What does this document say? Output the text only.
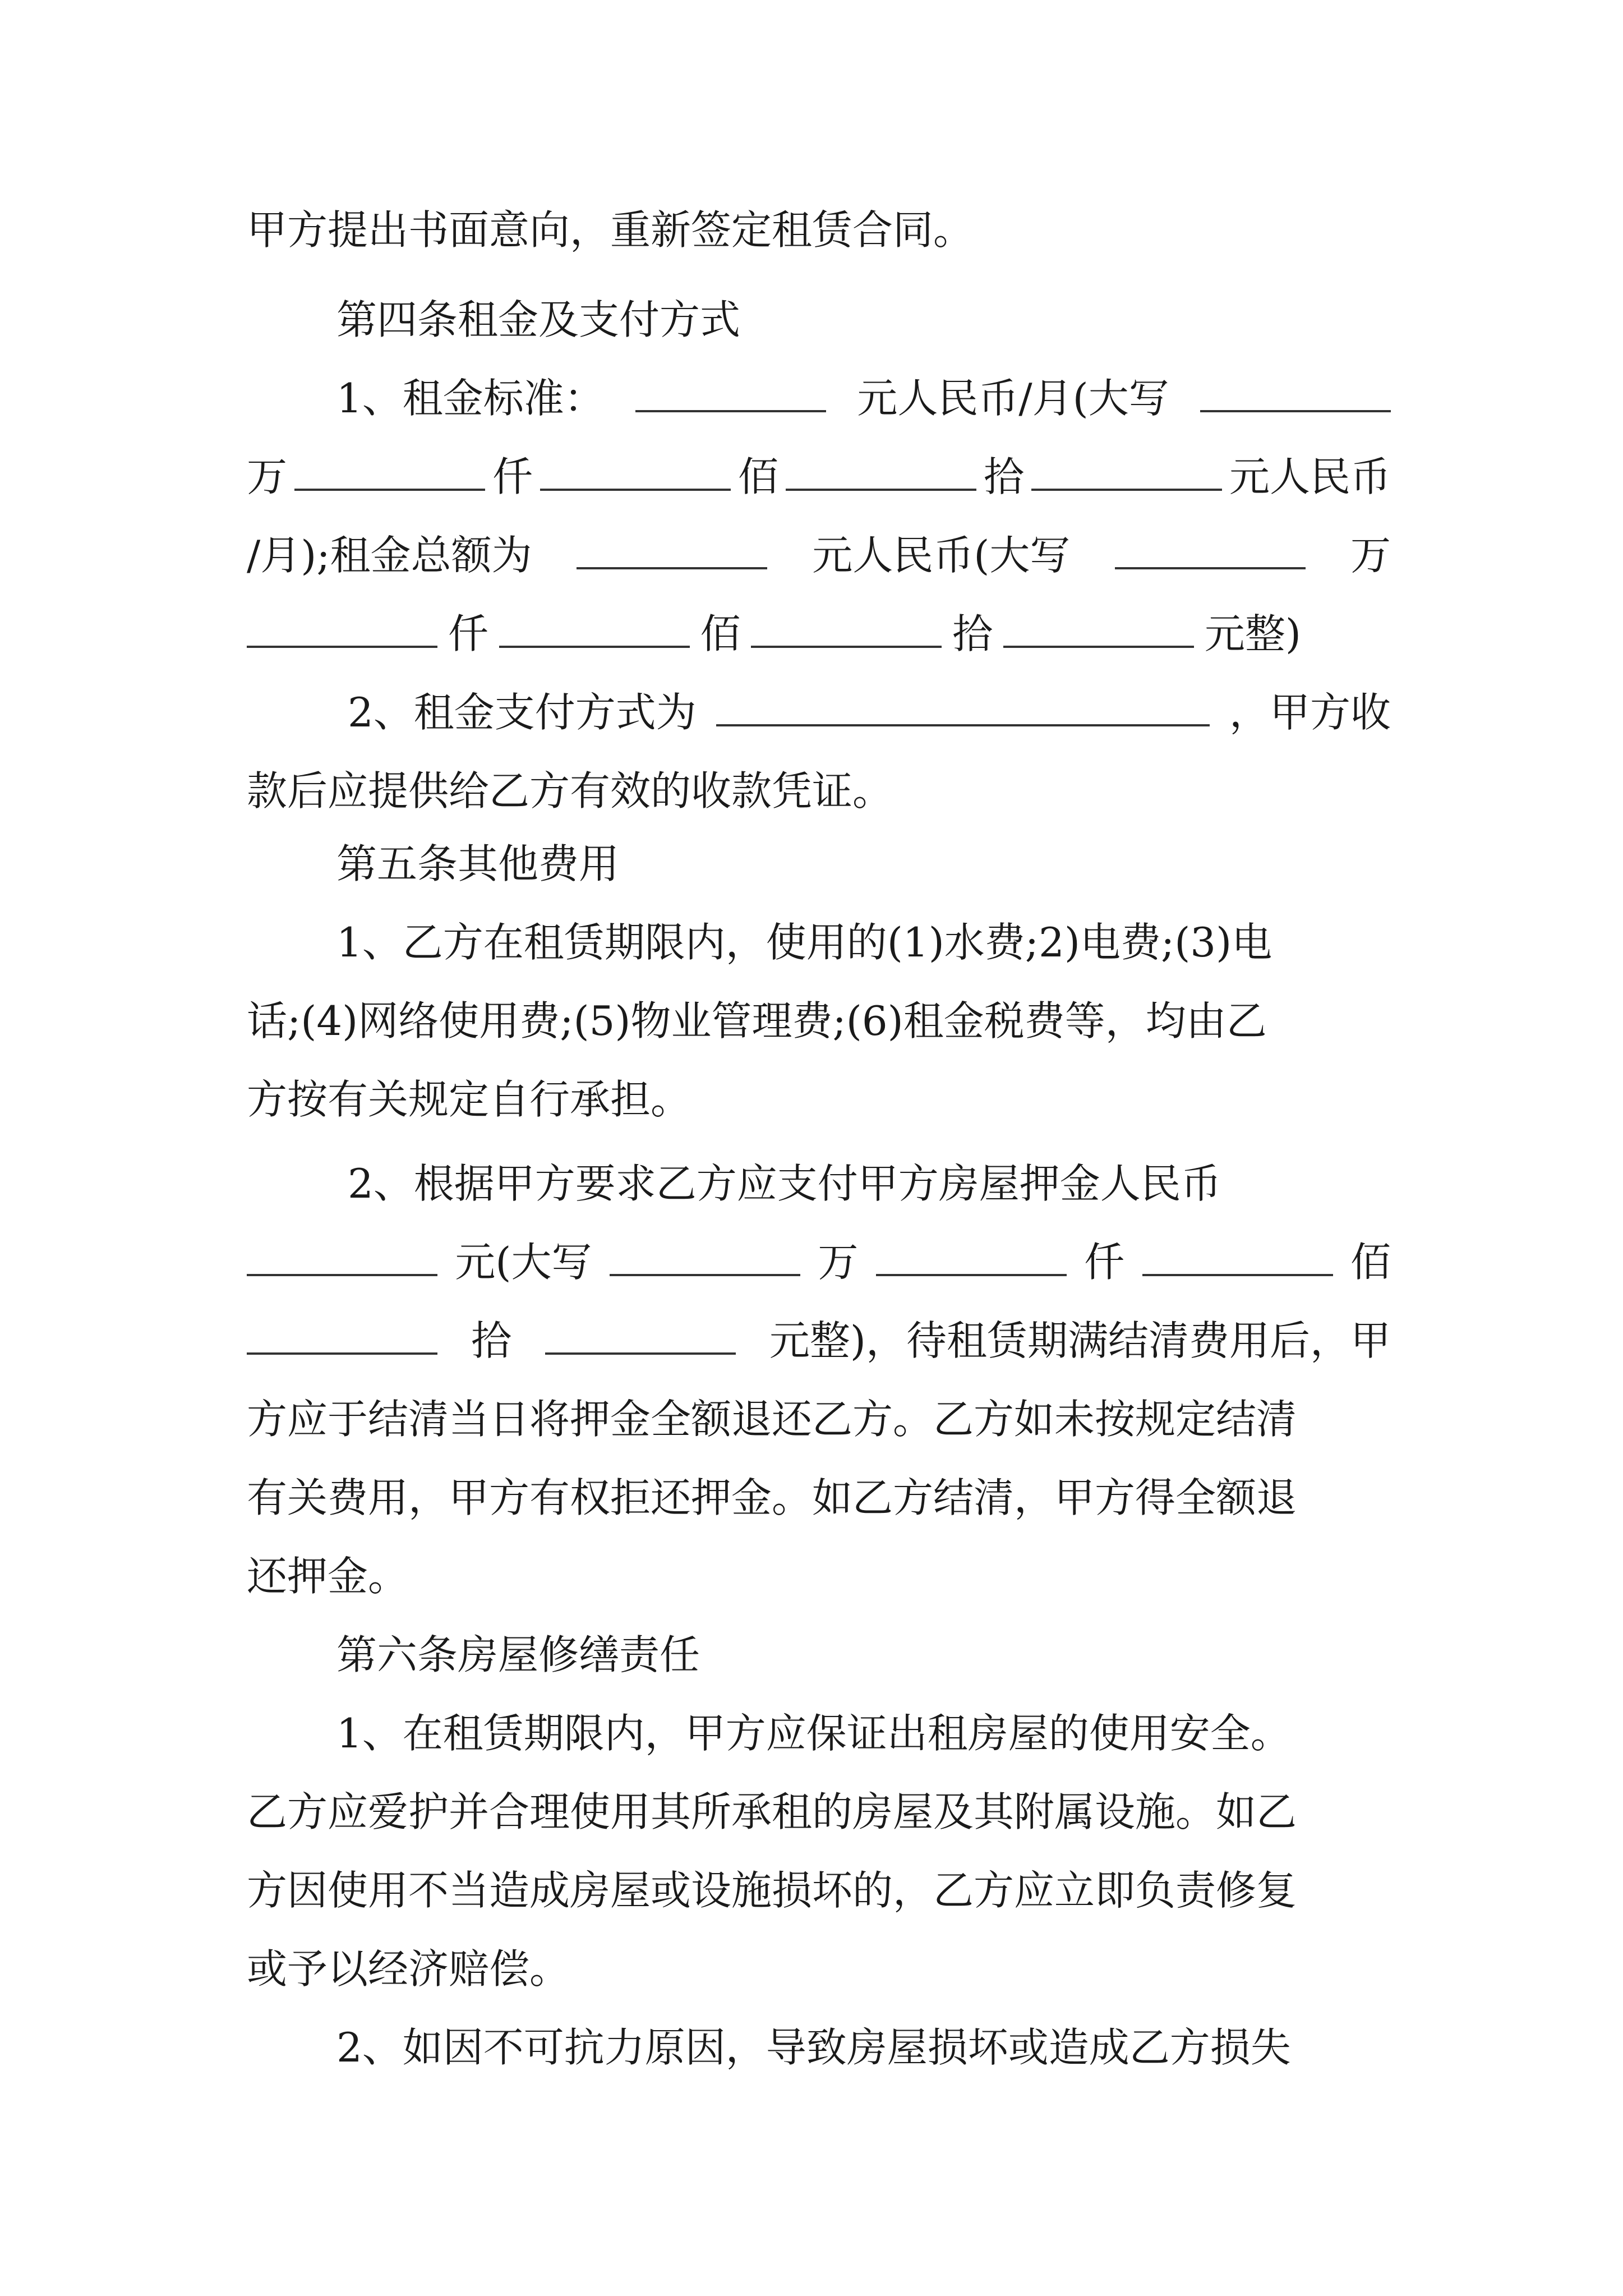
甲方提出书面意向，重新签定租赁合同。
第四条租金及支付方式
1、租金标准：	元人民币/月(大写
万	仟	佰	拾	元人民币
/月);租金总额为	元人民币(大写	万
仟	佰	拾	元整)
2、租金支付方式为	，甲方收
款后应提供给乙方有效的收款凭证。
第五条其他费用
1、乙方在租赁期限内，使用的(1)水费;2)电费;(3)电
话;(4)网络使用费;(5)物业管理费;(6)租金税费等，均由乙
方按有关规定自行承担。
2、根据甲方要求乙方应支付甲方房屋押金人民币
元(大写	万	仟	佰
拾	元整)，待租赁期满结清费用后，甲
方应于结清当日将押金全额退还乙方。乙方如未按规定结清
有关费用，甲方有权拒还押金。如乙方结清，甲方得全额退
还押金。
第六条房屋修缮责任
1、在租赁期限内，甲方应保证出租房屋的使用安全。
乙方应爱护并合理使用其所承租的房屋及其附属设施。如乙
方因使用不当造成房屋或设施损坏的，乙方应立即负责修复
或予以经济赔偿。
2、如因不可抗力原因，导致房屋损坏或造成乙方损失
